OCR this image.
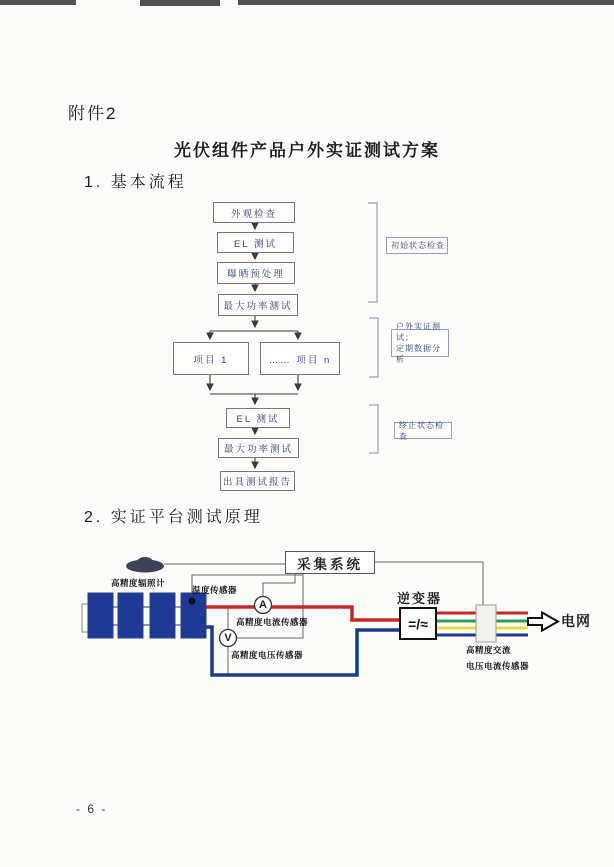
附件2
光伏组件产品户外实证测试方案
1. 基本流程
2. 实证平台测试原理
- 6 -
外观检查
EL 测试
曝晒预处理
最大功率测试
项目 1	…… 项目 n
EL 测试
最大功率测试
出具测试报告
初始状态检查
户外实证测试；
定期数据分析
终止状态检查
采集系统
高精度辐照计
温度传感器
A
高精度电流传感器
V
高精度电压传感器
逆变器
=/≈
高精度交流
电压电流传感器
电网
